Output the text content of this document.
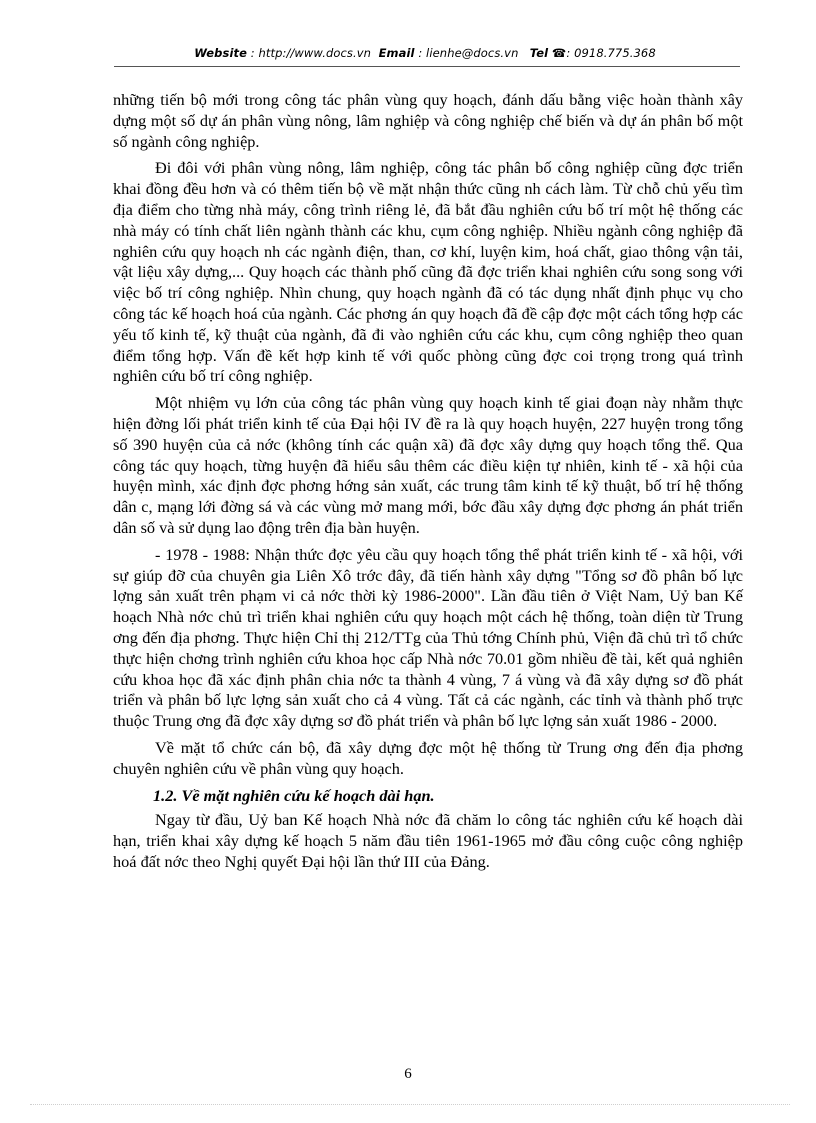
Website : http://www.docs.vn Email : lienhe@docs.vn Tel ☎: 0918.775.368

những tiến bộ mới trong công tác phân vùng quy hoạch, đánh dấu bằng việc hoàn thành xây dựng một số dự án phân vùng nông, lâm nghiệp và công nghiệp chế biến và dự án phân bố một số ngành công nghiệp.

Đi đôi với phân vùng nông, lâm nghiệp, công tác phân bố công nghiệp cũng đợc triển khai đồng đều hơn và có thêm tiến bộ về mặt nhận thức cũng nh cách làm. Từ chỗ chủ yếu tìm địa điểm cho từng nhà máy, công trình riêng lẻ, đã bắt đầu nghiên cứu bố trí một hệ thống các nhà máy có tính chất liên ngành thành các khu, cụm công nghiệp. Nhiều ngành công nghiệp đã nghiên cứu quy hoạch nh các ngành điện, than, cơ khí, luyện kim, hoá chất, giao thông vận tải, vật liệu xây dựng,... Quy hoạch các thành phố cũng đã đợc triển khai nghiên cứu song song với việc bố trí công nghiệp. Nhìn chung, quy hoạch ngành đã có tác dụng nhất định phục vụ cho công tác kế hoạch hoá của ngành. Các phơng án quy hoạch đã đề cập đợc một cách tổng hợp các yếu tố kinh tế, kỹ thuật của ngành, đã đi vào nghiên cứu các khu, cụm công nghiệp theo quan điểm tổng hợp. Vấn đề kết hợp kinh tế với quốc phòng cũng đợc coi trọng trong quá trình nghiên cứu bố trí công nghiệp.

Một nhiệm vụ lớn của công tác phân vùng quy hoạch kinh tế giai đoạn này nhằm thực hiện đờng lối phát triển kinh tế của Đại hội IV đề ra là quy hoạch huyện, 227 huyện trong tổng số 390 huyện của cả nớc (không tính các quận xã) đã đợc xây dựng quy hoạch tổng thể. Qua công tác quy hoạch, từng huyện đã hiểu sâu thêm các điều kiện tự nhiên, kinh tế - xã hội của huyện mình, xác định đợc phơng hớng sản xuất, các trung tâm kinh tế kỹ thuật, bố trí hệ thống dân c, mạng lới đờng sá và các vùng mở mang mới, bớc đầu xây dựng đợc phơng án phát triển dân số và sử dụng lao động trên địa bàn huyện.

- 1978 - 1988: Nhận thức đợc yêu cầu quy hoạch tổng thể phát triển kinh tế - xã hội, với sự giúp đỡ của chuyên gia Liên Xô trớc đây, đã tiến hành xây dựng "Tổng sơ đồ phân bố lực lợng sản xuất trên phạm vi cả nớc thời kỳ 1986-2000". Lần đầu tiên ở Việt Nam, Uỷ ban Kế hoạch Nhà nớc chủ trì triển khai nghiên cứu quy hoạch một cách hệ thống, toàn diện từ Trung ơng đến địa phơng. Thực hiện Chỉ thị 212/TTg của Thủ tớng Chính phủ, Viện đã chủ trì tổ chức thực hiện chơng trình nghiên cứu khoa học cấp Nhà nớc 70.01 gồm nhiều đề tài, kết quả nghiên cứu khoa học đã xác định phân chia nớc ta thành 4 vùng, 7 á vùng và đã xây dựng sơ đồ phát triển và phân bố lực lợng sản xuất cho cả 4 vùng. Tất cả các ngành, các tỉnh và thành phố trực thuộc Trung ơng đã đợc xây dựng sơ đồ phát triển và phân bố lực lợng sản xuất 1986 - 2000.

Về mặt tổ chức cán bộ, đã xây dựng đợc một hệ thống từ Trung ơng đến địa phơng chuyên nghiên cứu về phân vùng quy hoạch.

1.2. Về mặt nghiên cứu kế hoạch dài hạn.

Ngay từ đầu, Uỷ ban Kế hoạch Nhà nớc đã chăm lo công tác nghiên cứu kế hoạch dài hạn, triển khai xây dựng kế hoạch 5 năm đầu tiên 1961-1965 mở đầu công cuộc công nghiệp hoá đất nớc theo Nghị quyết Đại hội lần thứ III của Đảng.

6
